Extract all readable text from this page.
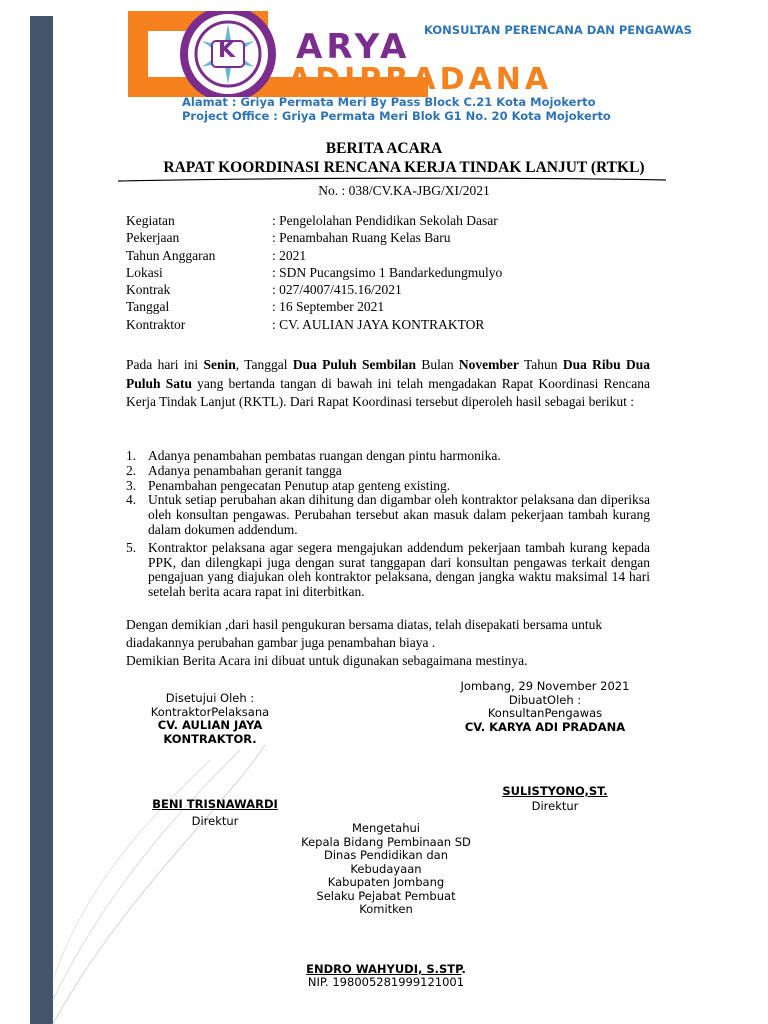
K ARYA
ADIPRADANA
KONSULTAN PERENCANA DAN PENGAWAS
Alamat : Griya Permata Meri By Pass Block C.21 Kota Mojokerto
Project Office : Griya Permata Meri Blok G1 No. 20 Kota Mojokerto
BERITA ACARA
RAPAT KOORDINASI RENCANA KERJA TINDAK LANJUT (RTKL)
No. : 038/CV.KA-JBG/XI/2021
Kegiatan	: Pengelolahan Pendidikan Sekolah Dasar
Pekerjaan	: Penambahan Ruang Kelas Baru
Tahun Anggaran	: 2021
Lokasi	: SDN Pucangsimo 1 Bandarkedungmulyo
Kontrak	: 027/4007/415.16/2021
Tanggal	: 16 September 2021
Kontraktor	: CV. AULIAN JAYA KONTRAKTOR
Pada hari ini Senin, Tanggal Dua Puluh Sembilan Bulan November Tahun Dua Ribu Dua Puluh Satu yang bertanda tangan di bawah ini telah mengadakan Rapat Koordinasi Rencana Kerja Tindak Lanjut (RKTL). Dari Rapat Koordinasi tersebut diperoleh hasil sebagai berikut :
1. Adanya penambahan pembatas ruangan dengan pintu harmonika.
2. Adanya penambahan geranit tangga
3. Penambahan pengecatan Penutup atap genteng existing.
4. Untuk setiap perubahan akan dihitung dan digambar oleh kontraktor pelaksana dan diperiksa oleh konsultan pengawas. Perubahan tersebut akan masuk dalam pekerjaan tambah kurang dalam dokumen addendum.
5. Kontraktor pelaksana agar segera mengajukan addendum pekerjaan tambah kurang kepada PPK, dan dilengkapi juga dengan surat tanggapan dari konsultan pengawas terkait dengan pengajuan yang diajukan oleh kontraktor pelaksana, dengan jangka waktu maksimal 14 hari setelah berita acara rapat ini diterbitkan.
Dengan demikian ,dari hasil pengukuran bersama diatas, telah disepakati bersama untuk diadakannya perubahan gambar juga penambahan biaya .
Demikian Berita Acara ini dibuat untuk digunakan sebagaimana mestinya.
Disetujui Oleh :
KontraktorPelaksana
CV. AULIAN JAYA
KONTRAKTOR.
BENI TRISNAWARDI
Direktur
Jombang, 29 November 2021
DibuatOleh :
KonsultanPengawas
CV. KARYA ADI PRADANA
SULISTYONO,ST.
Direktur
Mengetahui
Kepala Bidang Pembinaan SD
Dinas Pendidikan dan
Kebudayaan
Kabupaten Jombang
Selaku Pejabat Pembuat
Komitken
ENDRO WAHYUDI, S.STP.
NIP. 198005281999121001
